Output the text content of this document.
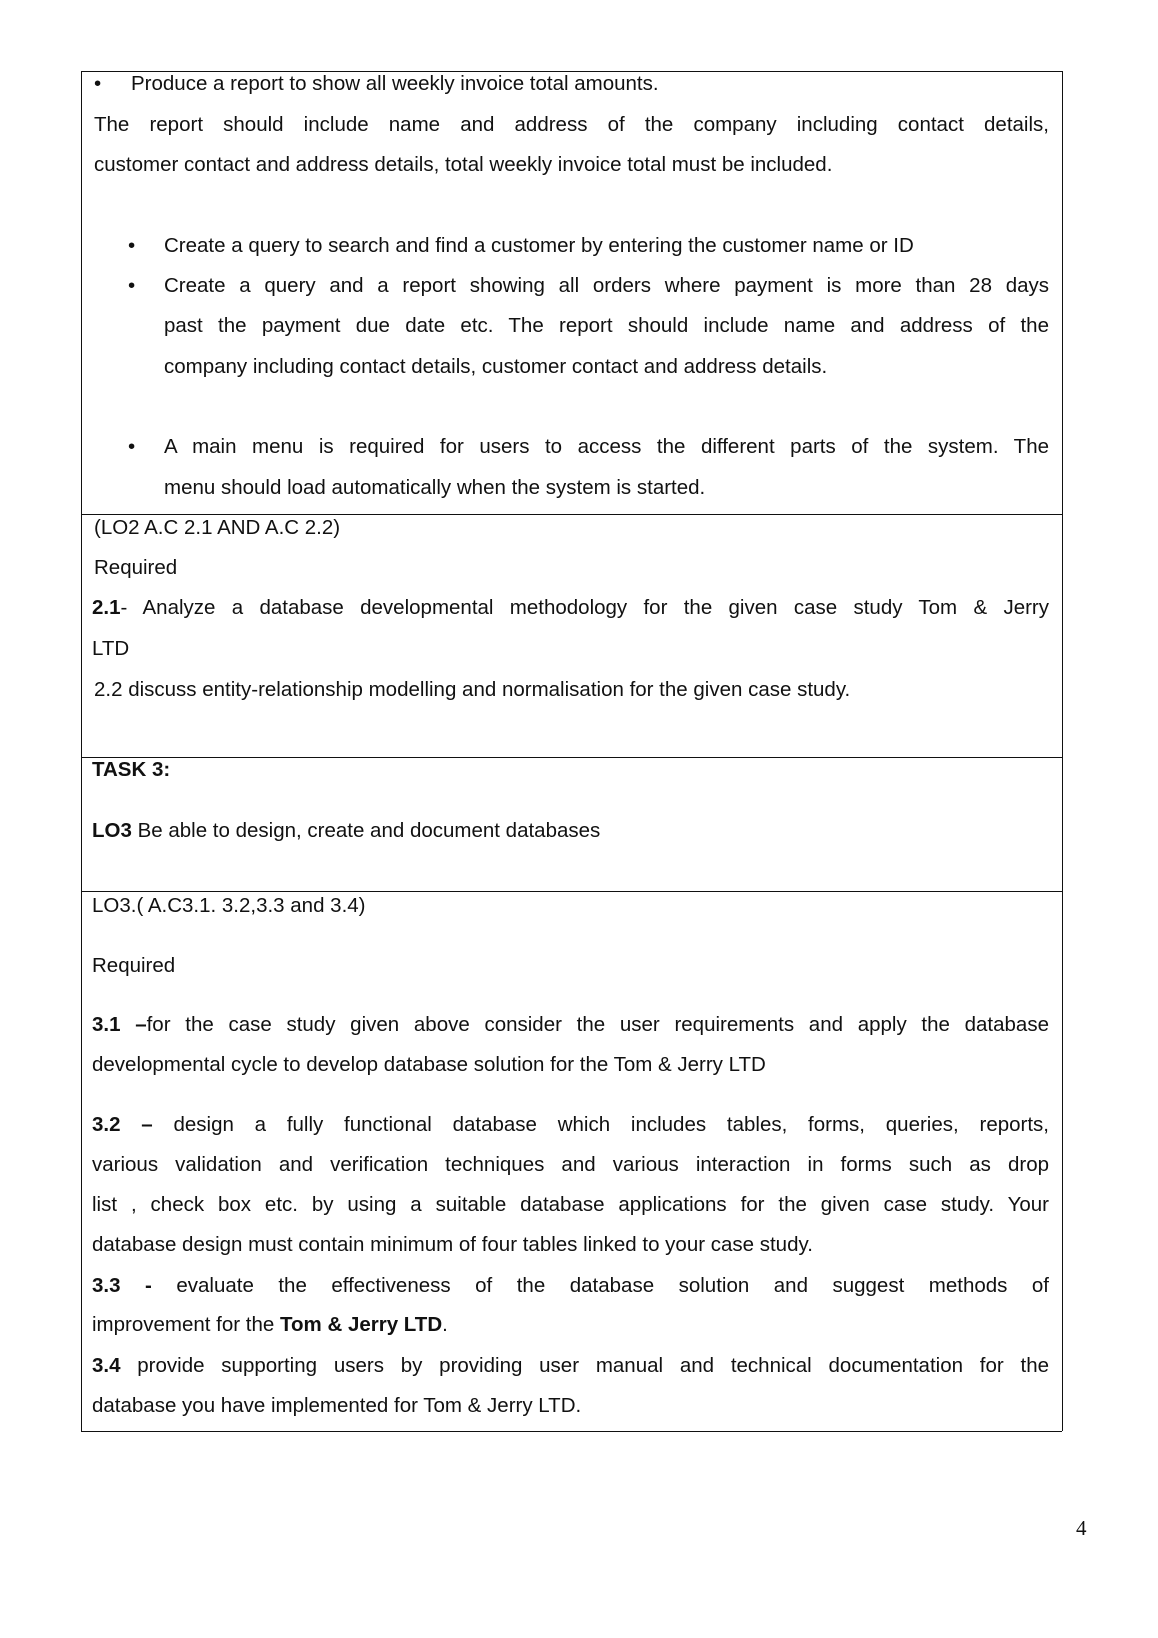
• Produce a report to show all weekly invoice total amounts.
The report should include name and address of the company including contact details,
customer contact and address details, total weekly invoice total must be included.
• Create a query to search and find a customer by entering the customer name or ID
• Create a query and a report showing all orders where payment is more than 28 days
past the payment due date etc. The report should include name and address of the
company including contact details, customer contact and address details.
• A main menu is required for users to access the different parts of the system. The
menu should load automatically when the system is started.
(LO2 A.C 2.1 AND A.C 2.2)
Required
2.1- Analyze a database developmental methodology for the given case study Tom & Jerry
LTD
2.2 discuss entity-relationship modelling and normalisation for the given case study.
TASK 3:
LO3 Be able to design, create and document databases
LO3.( A.C3.1. 3.2,3.3 and 3.4)
Required
3.1 –for the case study given above consider the user requirements and apply the database
developmental cycle to develop database solution for the Tom & Jerry LTD
3.2 – design a fully functional database which includes tables, forms, queries, reports,
various validation and verification techniques and various interaction in forms such as drop
list , check box etc. by using a suitable database applications for the given case study. Your
database design must contain minimum of four tables linked to your case study.
3.3 - evaluate the effectiveness of the database solution and suggest methods of
improvement for the Tom & Jerry LTD.
3.4 provide supporting users by providing user manual and technical documentation for the
database you have implemented for Tom & Jerry LTD.
4
